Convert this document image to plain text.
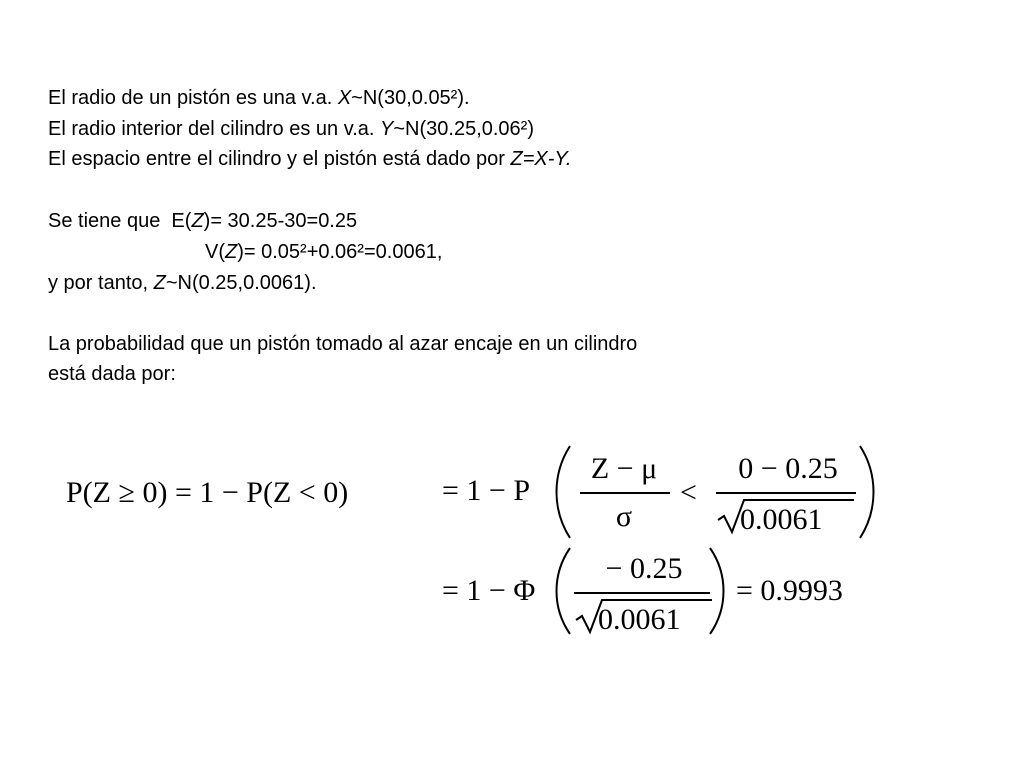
El radio de un pistón es una v.a. X~N(30,0.05²).
El radio interior del cilindro es un v.a. Y~N(30.25,0.06²)
El espacio entre el cilindro y el pistón está dado por Z=X-Y.
Se tiene que  E(Z)= 30.25-30=0.25
V(Z)= 0.05²+0.06²=0.0061,
y por tanto, Z~N(0.25,0.0061).
La probabilidad que un pistón tomado al azar encaje en un cilindro
está dada por:
P(Z ≥ 0) = 1 − P(Z < 0)	= 1 − P
Z − μ
σ
<
0 − 0.25
0.0061
= 1 − Φ
− 0.25
0.0061
= 0.9993
